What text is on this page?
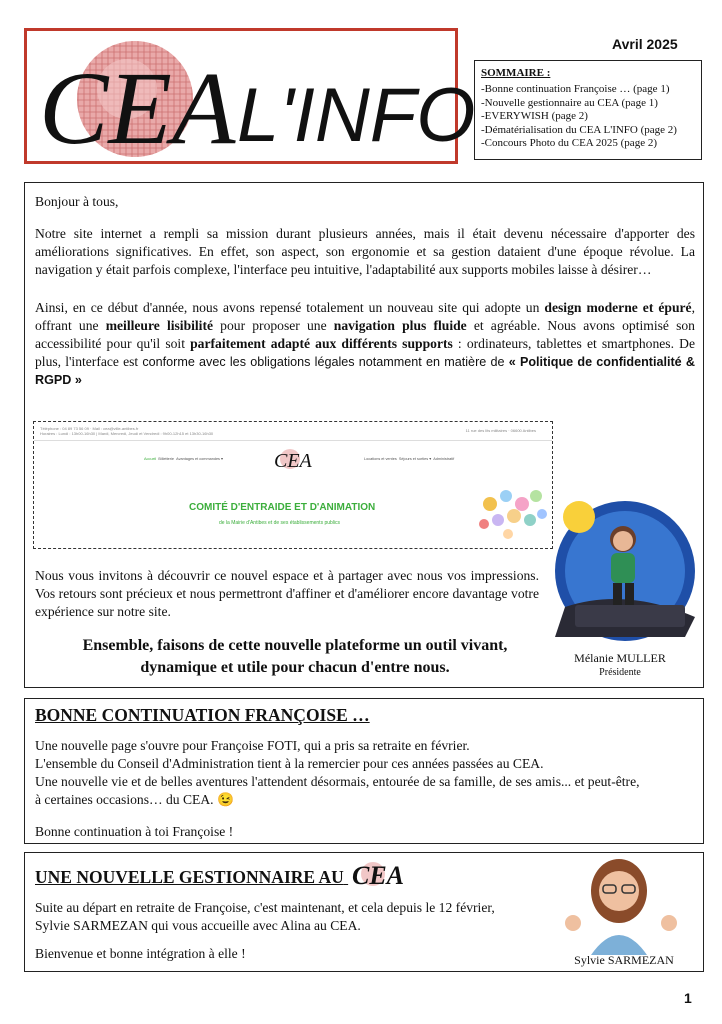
CEA L'INFO
Avril 2025
SOMMAIRE :
-Bonne continuation Françoise … (page 1)
-Nouvelle gestionnaire au CEA (page 1)
-EVERYWISH (page 2)
-Dématérialisation du CEA L'INFO (page 2)
-Concours Photo du CEA 2025 (page 2)
Bonjour à tous,
Notre site internet a rempli sa mission durant plusieurs années, mais il était devenu nécessaire d'apporter des améliorations significatives. En effet, son aspect, son ergonomie et sa gestion dataient d'une époque révolue. La navigation y était parfois complexe, l'interface peu intuitive, l'adaptabilité aux supports mobiles laisse à désirer…
Ainsi, en ce début d'année, nous avons repensé totalement un nouveau site qui adopte un design moderne et épuré, offrant une meilleure lisibilité pour proposer une navigation plus fluide et agréable. Nous avons optimisé son accessibilité pour qu'il soit parfaitement adapté aux différents supports : ordinateurs, tablettes et smartphones. De plus, l'interface est conforme avec les obligations légales notamment en matière de « Politique de confidentialité & RGPD »
Téléphone : 04 89 73 56 09 · Mail : cea@ville-antibes.fr
Horaires : Lundi : 13h00-16h30 | Mardi, Mercredi, Jeudi et Vendredi : 9h00-12h15 et 13h30-16h30
11 rue des lits militaires · 06600 Antibes
Accueil Billetterie Avantages et commandes ▾	Locations et ventes Séjours et sorties ▾ Administratif
CEA
COMITÉ D'ENTRAIDE ET D'ANIMATION
de la Mairie d'Antibes et de ses établissements publics
Nous vous invitons à découvrir ce nouvel espace et à partager avec nous vos impressions. Vos retours sont précieux et nous permettront d'affiner et d'améliorer encore davantage votre expérience sur notre site.
Ensemble, faisons de cette nouvelle plateforme un outil vivant,
dynamique et utile pour chacun d'entre nous.
Mélanie MULLER
Présidente
BONNE CONTINUATION FRANÇOISE …
Une nouvelle page s'ouvre pour Françoise FOTI, qui a pris sa retraite en février.
L'ensemble du Conseil d'Administration tient à la remercier pour ces années passées au CEA.
Une nouvelle vie et de belles aventures l'attendent désormais, entourée de sa famille, de ses amis... et peut-être,
à certaines occasions… du CEA. 😉
Bonne continuation à toi Françoise !
UNE NOUVELLE GESTIONNAIRE AU CEA
Suite au départ en retraite de Françoise, c'est maintenant, et cela depuis le 12 février,
Sylvie SARMEZAN qui vous accueille avec Alina au CEA.
Bienvenue et bonne intégration à elle !	Sylvie SARMEZAN
1
